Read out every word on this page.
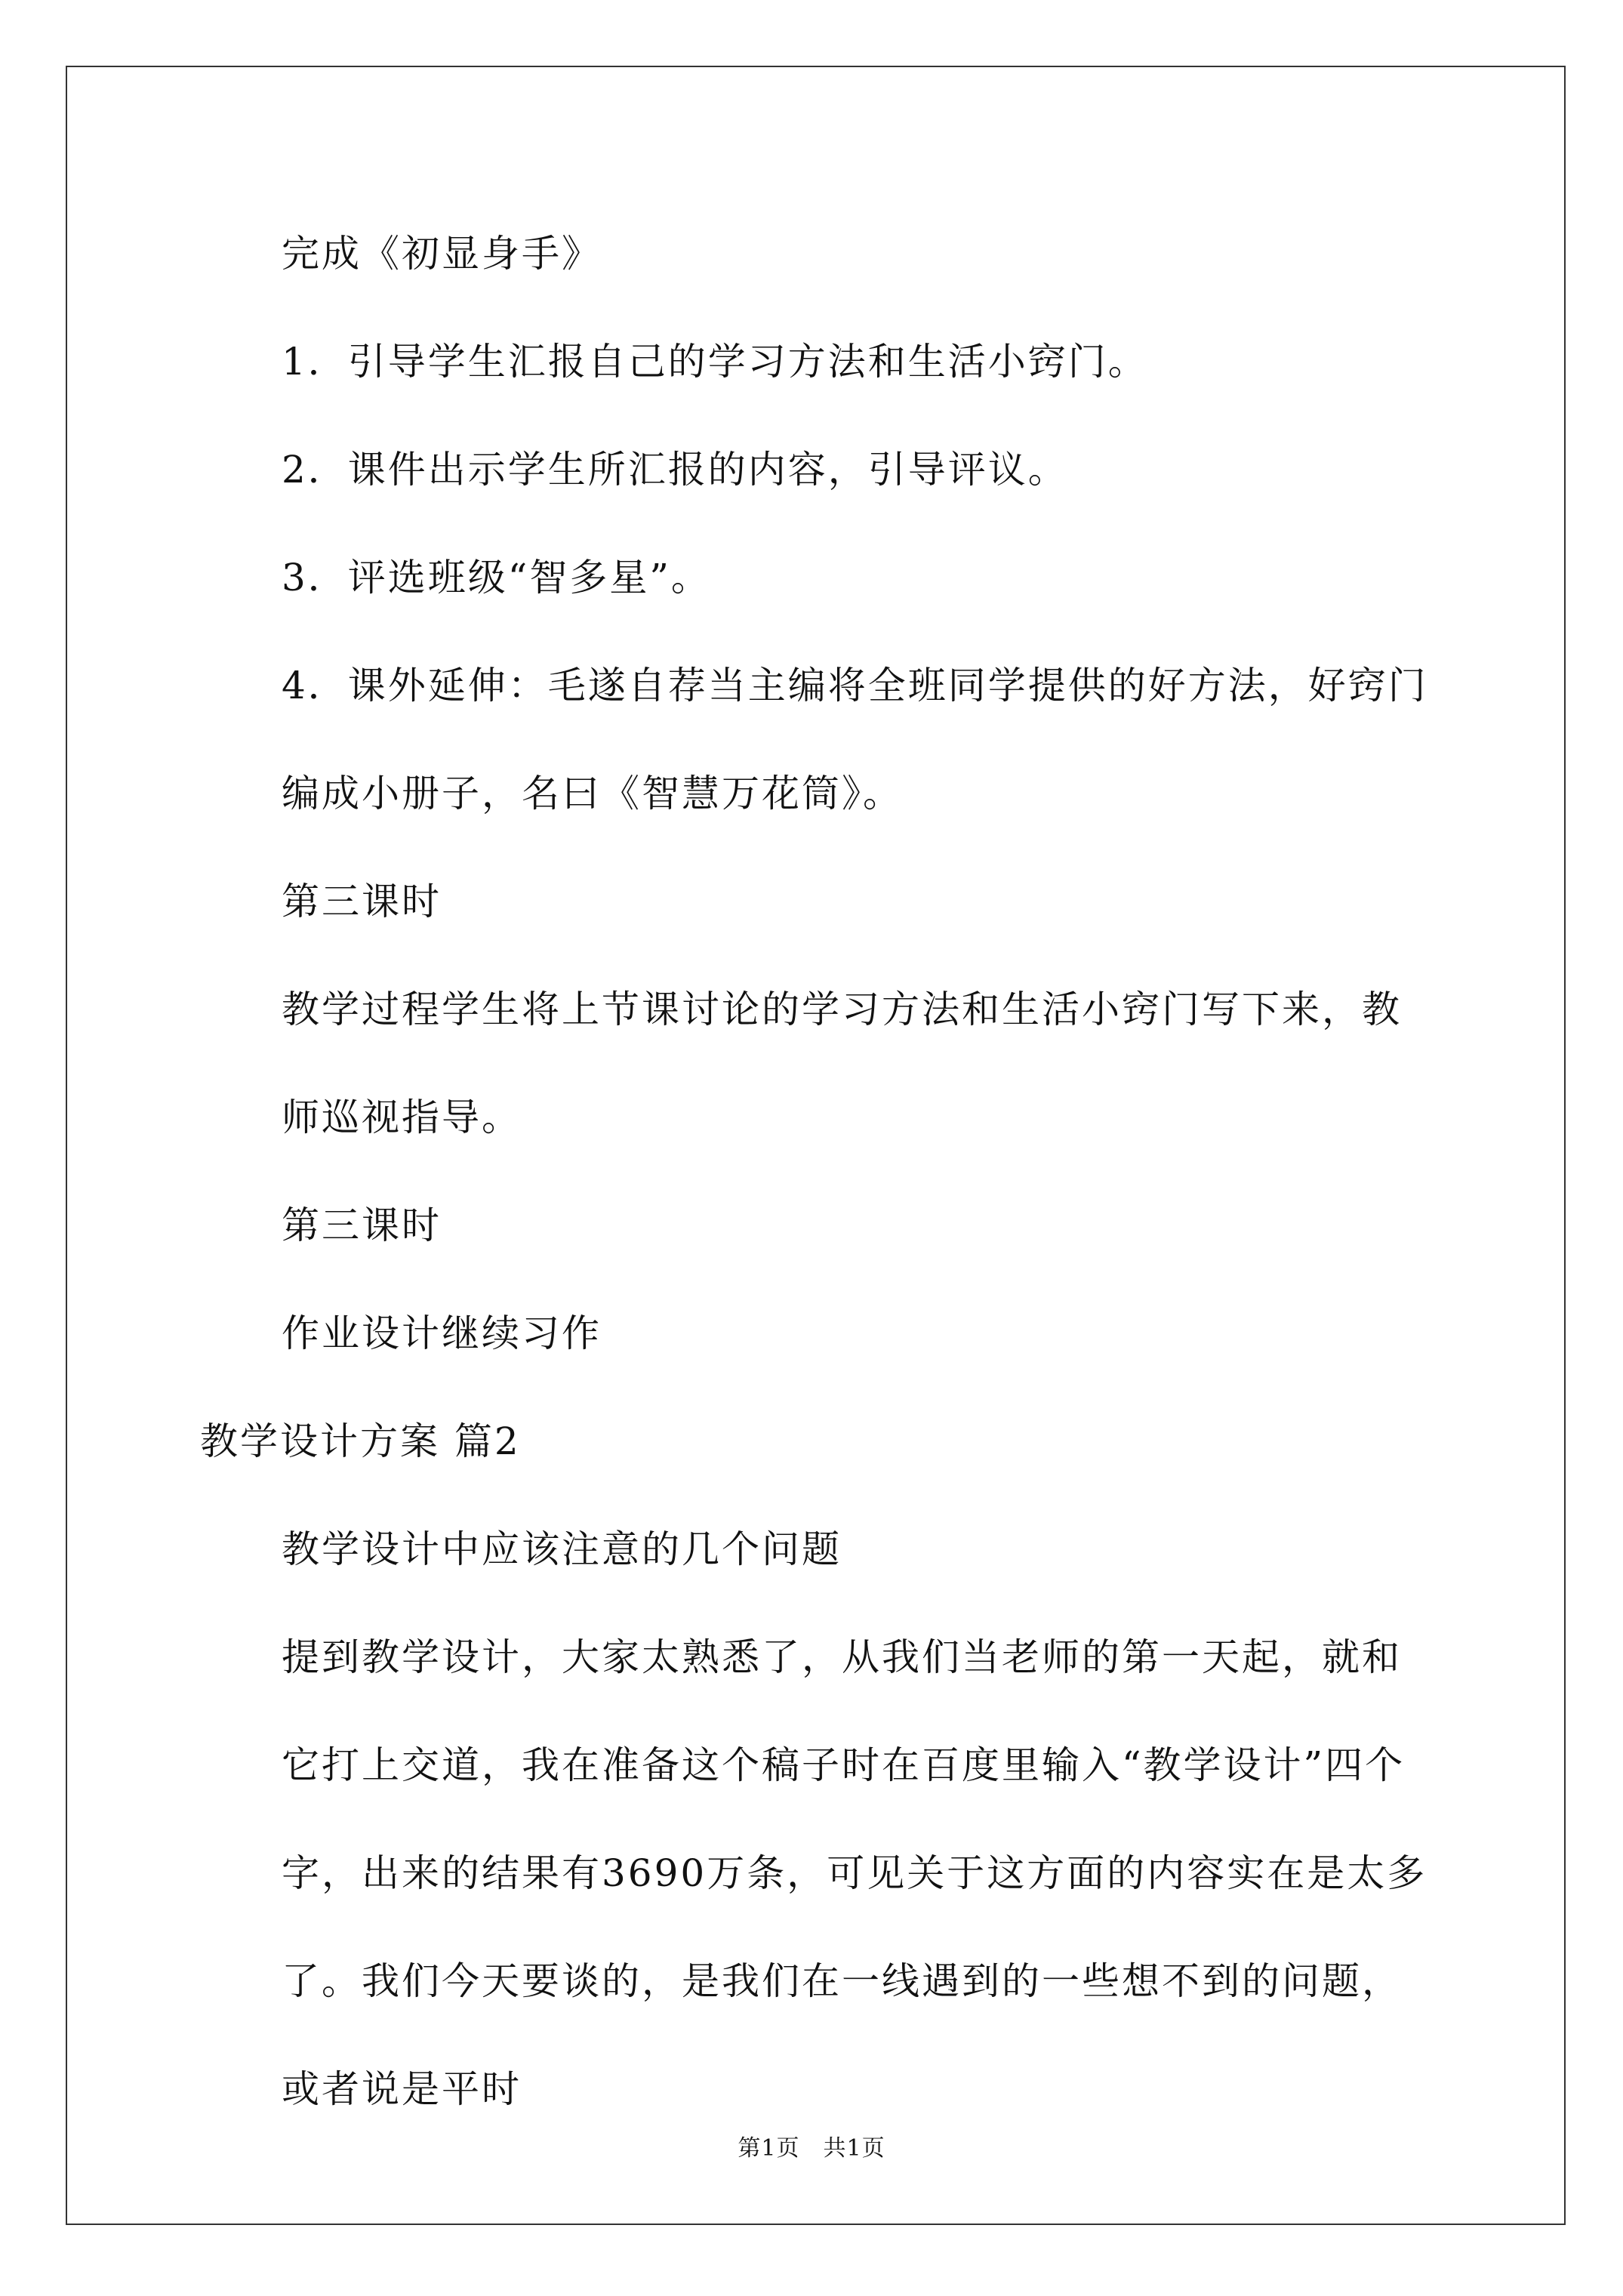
完成《初显身手》

1．引导学生汇报自己的学习方法和生活小窍门。

2．课件出示学生所汇报的内容，引导评议。

3．评选班级“智多星”。

4．课外延伸：毛遂自荐当主编将全班同学提供的好方法，好窍门编成小册子，名曰《智慧万花筒》。

第三课时

教学过程学生将上节课讨论的学习方法和生活小窍门写下来，教师巡视指导。

第三课时

作业设计继续习作

教学设计方案 篇2

教学设计中应该注意的几个问题

提到教学设计，大家太熟悉了，从我们当老师的第一天起，就和它打上交道，我在准备这个稿子时在百度里输入“教学设计”四个字，出来的结果有3690万条，可见关于这方面的内容实在是太多了。我们今天要谈的，是我们在一线遇到的一些想不到的问题，或者说是平时

第1页　共1页
